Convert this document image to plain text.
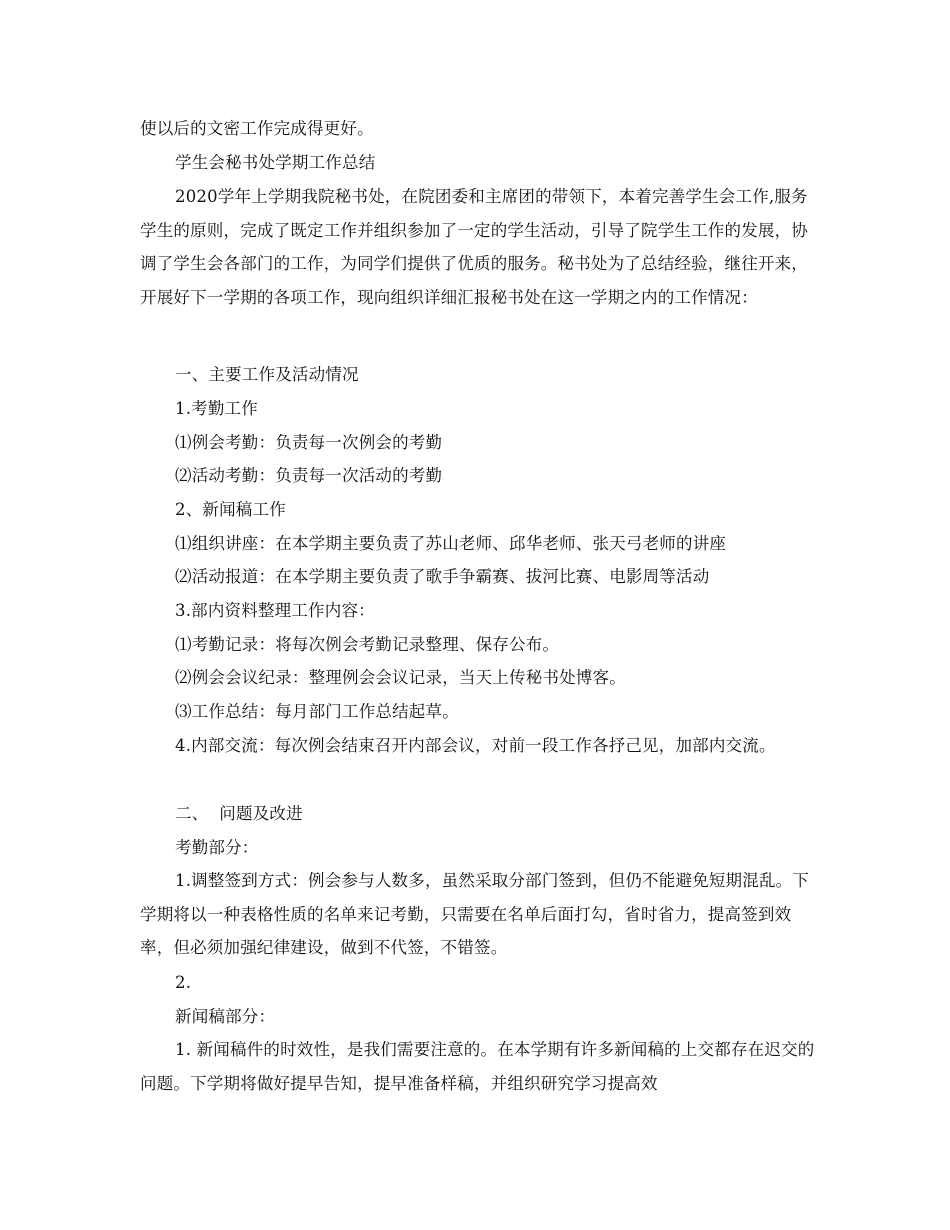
使以后的文密工作完成得更好。

学生会秘书处学期工作总结

2020学年上学期我院秘书处，在院团委和主席团的带领下，本着完善学生会工作,服务学生的原则，完成了既定工作并组织参加了一定的学生活动，引导了院学生工作的发展，协调了学生会各部门的工作，为同学们提供了优质的服务。秘书处为了总结经验，继往开来，开展好下一学期的各项工作，现向组织详细汇报秘书处在这一学期之内的工作情况：

一、主要工作及活动情况

1.考勤工作

⑴例会考勤：负责每一次例会的考勤

⑵活动考勤：负责每一次活动的考勤

2、新闻稿工作

⑴组织讲座：在本学期主要负责了苏山老师、邱华老师、张天弓老师的讲座

⑵活动报道：在本学期主要负责了歌手争霸赛、拔河比赛、电影周等活动

3.部内资料整理工作内容：

⑴考勤记录：将每次例会考勤记录整理、保存公布。

⑵例会会议纪录：整理例会会议记录，当天上传秘书处博客。

⑶工作总结：每月部门工作总结起草。

4.内部交流：每次例会结束召开内部会议，对前一段工作各抒己见，加部内交流。

二、  问题及改进

考勤部分：

1.调整签到方式：例会参与人数多，虽然采取分部门签到，但仍不能避免短期混乱。下学期将以一种表格性质的名单来记考勤，只需要在名单后面打勾，省时省力，提高签到效率，但必须加强纪律建设，做到不代签，不错签。

2.

新闻稿部分：

1. 新闻稿件的时效性，是我们需要注意的。在本学期有许多新闻稿的上交都存在迟交的问题。下学期将做好提早告知，提早准备样稿，并组织研究学习提高效
